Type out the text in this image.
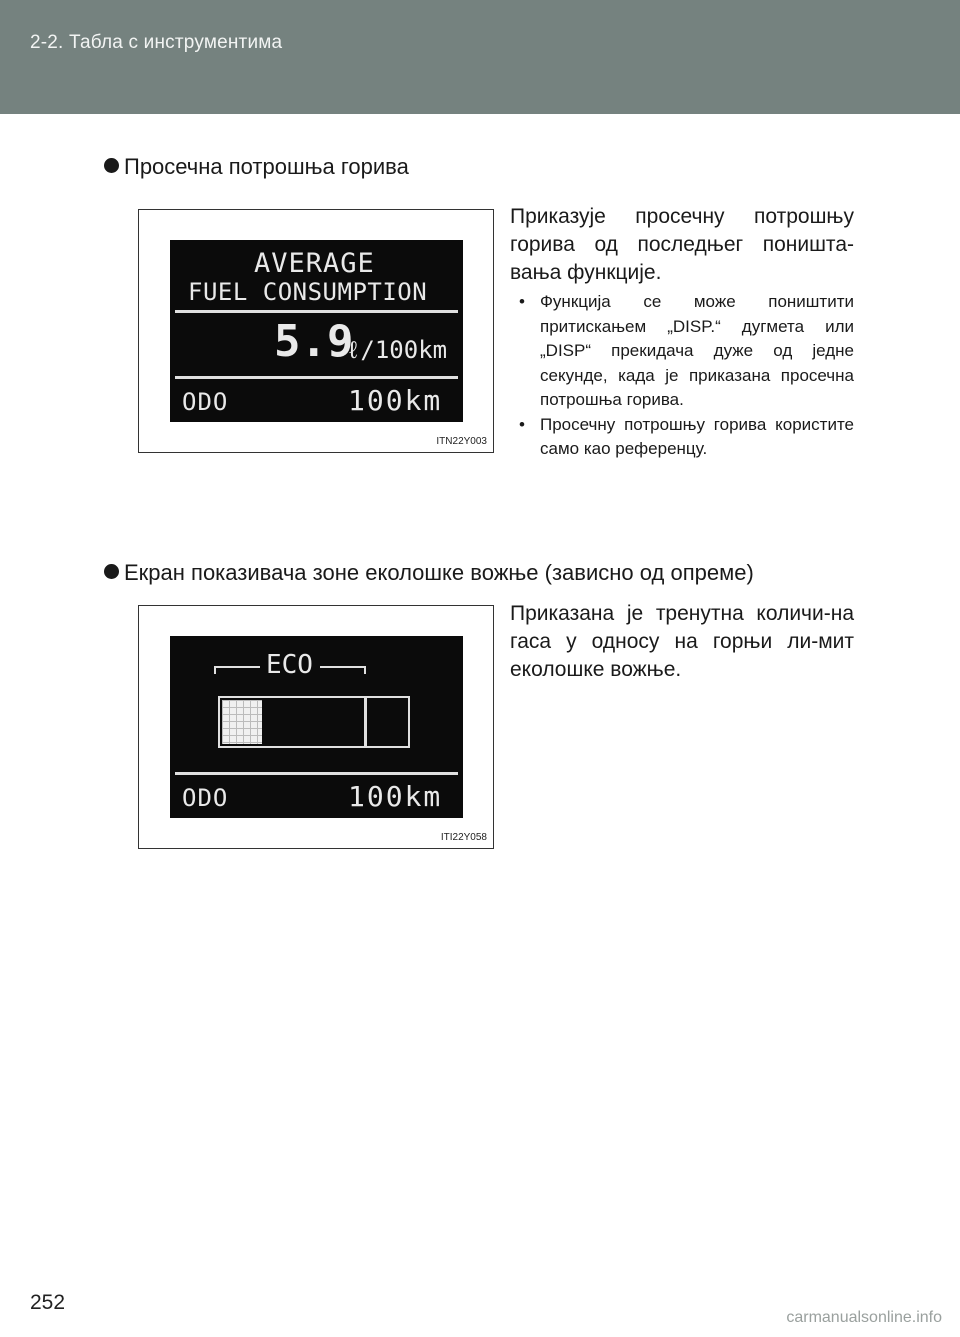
2-2. Табла с инструментима
Просечна потрошња горива
AVERAGE
FUEL CONSUMPTION
5.9
ℓ/100km
ODO	100km
ITN22Y003

Приказује просечну потрошњу горива од последњег поништа-вања функције.

• Функција се може поништити притискањем „DISP.“ дугмета или „DISP“ прекидача дуже од једне секунде, када је приказана просечна потрошња горива.
• Просечну потрошњу горива користите само као референцу.
Екран показивача зоне еколошке вожње (зависно од опреме)
ECO
ODO	100km
ITI22Y058

Приказана је тренутна количи-на гаса у односу на горњи ли-мит еколошке вожње.

252
carmanualsonline.info
